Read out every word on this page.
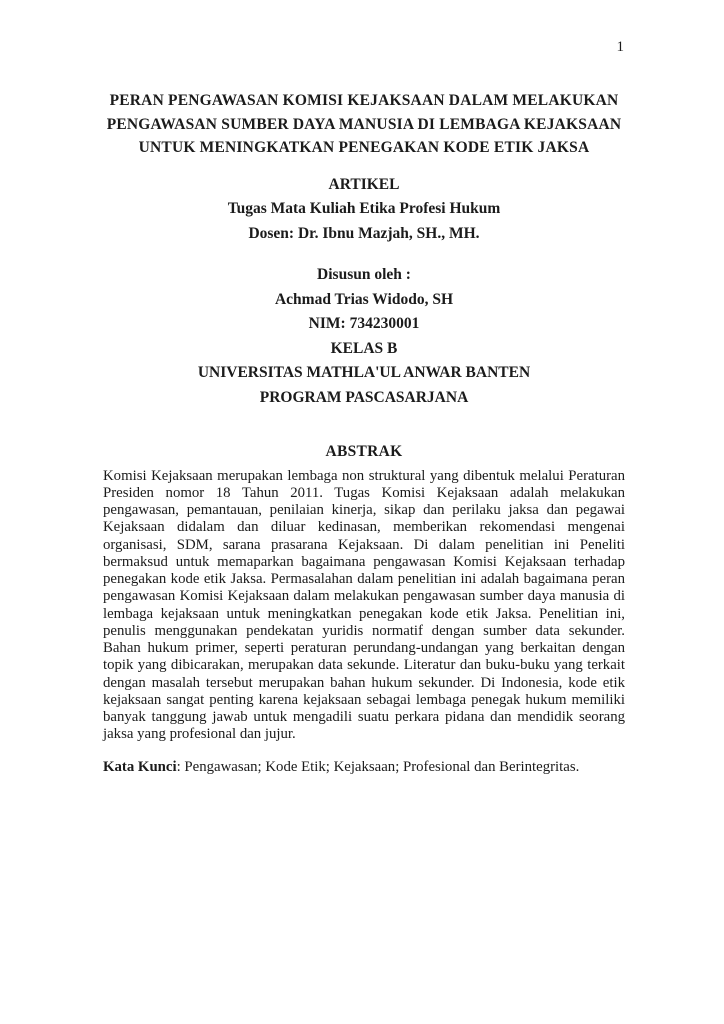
1
PERAN PENGAWASAN KOMISI KEJAKSAAN DALAM MELAKUKAN
PENGAWASAN SUMBER DAYA MANUSIA DI LEMBAGA KEJAKSAAN
UNTUK MENINGKATKAN PENEGAKAN KODE ETIK JAKSA
ARTIKEL
Tugas Mata Kuliah Etika Profesi Hukum
Dosen: Dr. Ibnu Mazjah, SH., MH.
Disusun oleh :
Achmad Trias Widodo, SH
NIM: 734230001
KELAS B
UNIVERSITAS MATHLA'UL ANWAR BANTEN
PROGRAM PASCASARJANA
ABSTRAK
Komisi Kejaksaan merupakan lembaga non struktural yang dibentuk melalui Peraturan Presiden nomor 18 Tahun 2011. Tugas Komisi Kejaksaan adalah melakukan pengawasan, pemantauan, penilaian kinerja, sikap dan perilaku jaksa dan pegawai Kejaksaan didalam dan diluar kedinasan, memberikan rekomendasi mengenai organisasi, SDM, sarana prasarana Kejaksaan. Di dalam penelitian ini Peneliti bermaksud untuk memaparkan bagaimana pengawasan Komisi Kejaksaan terhadap penegakan kode etik Jaksa. Permasalahan dalam penelitian ini adalah bagaimana peran pengawasan Komisi Kejaksaan dalam melakukan pengawasan sumber daya manusia di lembaga kejaksaan untuk meningkatkan penegakan kode etik Jaksa. Penelitian ini, penulis menggunakan pendekatan yuridis normatif dengan sumber data sekunder. Bahan hukum primer, seperti peraturan perundang-undangan yang berkaitan dengan topik yang dibicarakan, merupakan data sekunde. Literatur dan buku-buku yang terkait dengan masalah tersebut merupakan bahan hukum sekunder. Di Indonesia, kode etik kejaksaan sangat penting karena kejaksaan sebagai lembaga penegak hukum memiliki banyak tanggung jawab untuk mengadili suatu perkara pidana dan mendidik seorang jaksa yang profesional dan jujur.
Kata Kunci: Pengawasan; Kode Etik; Kejaksaan; Profesional dan Berintegritas.
